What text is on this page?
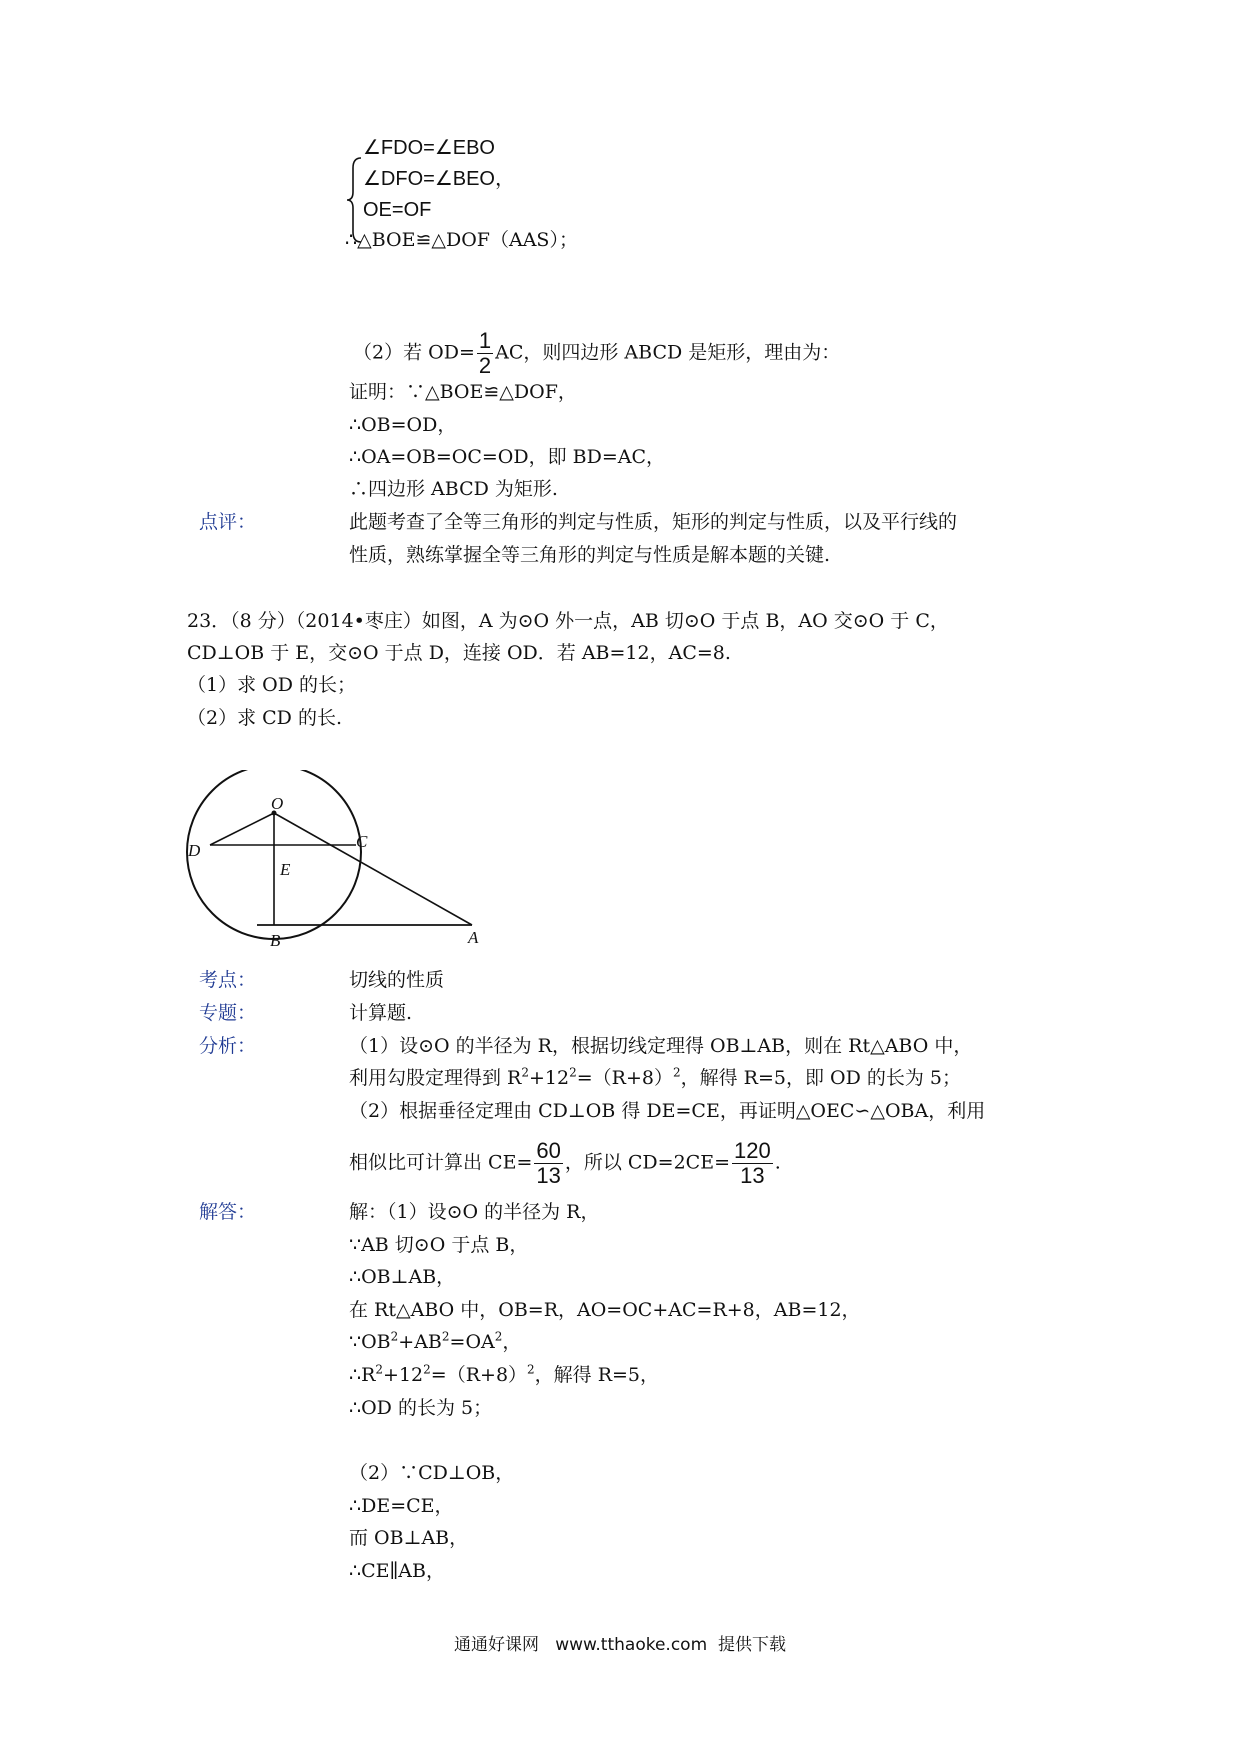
∠FDO=∠EBO
∠DFO=∠BEO，
OE=OF
∴△BOE≌△DOF（AAS）；
（2）若 $OD= \frac{1}{2}$ AC，则四边形 ABCD 是矩形，理由为：
证明：∵△BOE≌△DOF，
∴OB=OD，
∴OA=OB=OC=OD，即 BD=AC，
∴四边形 ABCD 为矩形.
点评：	此题考查了全等三角形的判定与性质，矩形的判定与性质，以及平行线的
性质，熟练掌握全等三角形的判定与性质是解本题的关键.
23．（8 分）（2014•枣庄）如图，A 为⊙O 外一点，AB 切⊙O 于点 B，AO 交⊙O 于 C，
CD⊥OB 于 E，交⊙O 于点 D，连接 OD．若 AB=12，AC=8.
（1）求 OD 的长；
（2）求 CD 的长.
O
C
D
E
B	A
考点：	切线的性质
专题：	计算题.
分析：	（1）设⊙O 的半径为 R，根据切线定理得 OB⊥AB，则在 Rt△ABO 中，
利用勾股定理得到 $R^2+12^2=(R+8)^2$，解得 R=5，即 OD 的长为 5；
（2）根据垂径定理由 CD⊥OB 得 DE=CE，再证明△OEC∽△OBA，利用
相似比可计算出 $CE= \frac{60}{13}$ ，所以 $CD=2CE= \frac{120}{13}$ .
解答：	解：（1）设⊙O 的半径为 R，
∵AB 切⊙O 于点 B，
∴OB⊥AB，
在 Rt△ABO 中，OB=R，AO=OC+AC=R+8，AB=12，
$\because OB^2+AB^2=OA^2$，
$\therefore R^2+12^2=(R+8)^2$，解得 R=5，
∴OD 的长为 5；
（2）∵CD⊥OB，
∴DE=CE，
而 OB⊥AB，
∴CE∥AB，
通通好课网   www.tthaoke.com  提供下载
